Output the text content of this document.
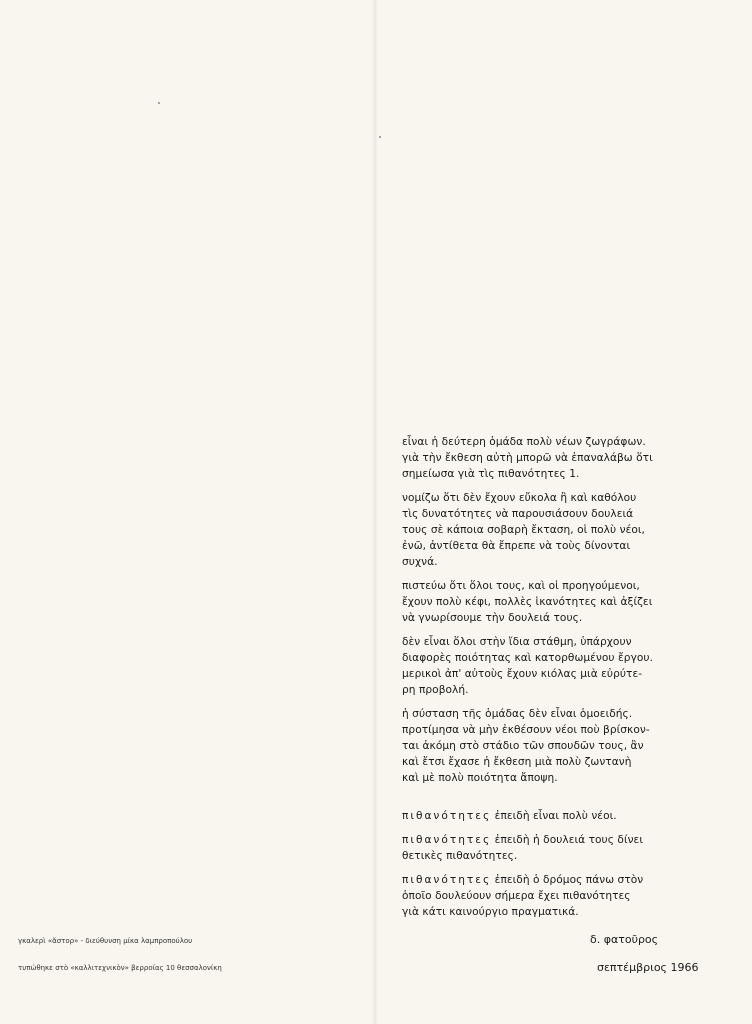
εἶναι ἡ δεύτερη ὁμάδα πολὺ νέων ζωγράφων.
γιὰ τὴν ἔκθεση αὐτὴ μπορῶ νὰ ἐπαναλάβω ὅτι
σημείωσα γιὰ τὶς πιθανότητες 1.

νομίζω ὅτι δὲν ἔχουν εὔκολα ἢ καὶ καθόλου
τὶς δυνατότητες νὰ παρουσιάσουν δουλειά
τους σὲ κάποια σοβαρὴ ἔκταση, οἱ πολὺ νέοι,
ἐνῶ, ἀντίθετα θὰ ἔπρεπε νὰ τοὺς δίνονται
συχνά.

πιστεύω ὅτι ὅλοι τους, καὶ οἱ προηγούμενοι,
ἔχουν πολὺ κέφι, πολλὲς ἱκανότητες καὶ ἀξίζει
νὰ γνωρίσουμε τὴν δουλειά τους.

δὲν εἶναι ὅλοι στὴν ἴδια στάθμη, ὑπάρχουν
διαφορὲς ποιότητας καὶ κατορθωμένου ἔργου.
μερικοὶ ἀπ' αὐτοὺς ἔχουν κιόλας μιὰ εὐρύτε-
ρη προβολή.

ἡ σύσταση τῆς ὁμάδας δὲν εἶναι ὁμοειδής.
προτίμησα νὰ μὴν ἐκθέσουν νέοι ποὺ βρίσκον-
ται ἀκόμη στὸ στάδιο τῶν σπουδῶν τους, ἂν
καὶ ἔτσι ἔχασε ἡ ἔκθεση μιὰ πολὺ ζωντανὴ
καὶ μὲ πολὺ ποιότητα ἄποψη.

πιθανότητες ἐπειδὴ εἶναι πολὺ νέοι.

πιθανότητες ἐπειδὴ ἡ δουλειά τους δίνει
θετικὲς πιθανότητες.

πιθανότητες ἐπειδὴ ὁ δρόμος πάνω στὸν
ὁποῖο δουλεύουν σήμερα ἔχει πιθανότητες
γιὰ κάτι καινούργιο πραγματικά.

δ. φατοῦρος
σεπτέμβριος 1966
γκαλερὶ «ἄστορ» - διεύθυνση μίκα λαμπροπούλου
τυπώθηκε στὸ «καλλιτεχνικὸν» βερροίας 10 θεσσαλονίκη
